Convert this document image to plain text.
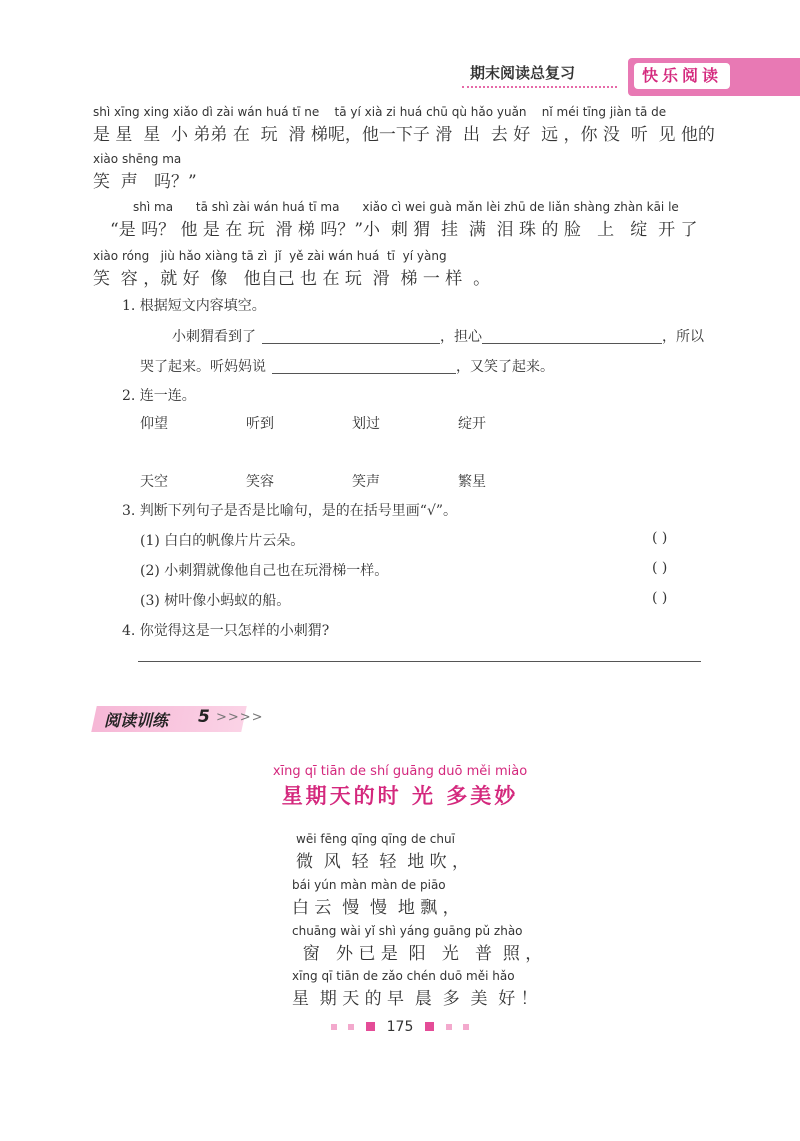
期末阅读总复习	快乐阅读
shì xīng xing xiǎo dì zài wán huá tī ne    tā yí xià zi huá chū qù hǎo yuǎn    nǐ méi tīng jiàn tā de
是 星  星  小 弟弟 在  玩  滑 梯呢，他一下子 滑  出  去 好  远 ，你 没  听  见 他的
xiào shēng ma
笑  声   吗？”
shì ma      tā shì zài wán huá tī ma      xiǎo cì wei guà mǎn lèi zhū de liǎn shàng zhàn kāi le
“是 吗？ 他 是 在 玩  滑 梯 吗？”小  刺 猬  挂  满  泪 珠 的 脸   上   绽  开 了
xiào róng   jiù hǎo xiàng tā zì  jǐ  yě zài wán huá  tī  yí yàng
笑  容 ，就 好  像   他自己 也 在 玩  滑  梯 一 样  。
1. 根据短文内容填空。
小刺猬看到了	，担心	，所以
哭了起来。听妈妈说	，又笑了起来。
2. 连一连。
仰望	听到	划过	绽开
天空	笑容	笑声	繁星
3. 判断下列句子是否是比喻句，是的在括号里画“√”。
(1) 白白的帆像片片云朵。	( )
(2) 小刺猬就像他自己也在玩滑梯一样。	( )
(3) 树叶像小蚂蚁的船。	( )
4. 你觉得这是一只怎样的小刺猬?
阅读训练 5 >>>>
xīng qī tiān de shí guāng duō měi miào
星期天的时 光 多美妙
wēi fēng qīng qīng de chuī
微  风  轻  轻  地 吹 ，
bái yún màn màn de piāo
白 云  慢  慢  地 飘 ，
chuāng wài yǐ shì yáng guāng pǔ zhào
窗   外 已 是  阳   光   普  照 ，
xīng qī tiān de zǎo chén duō měi hǎo
星  期 天 的 早  晨  多  美  好 ！
175
